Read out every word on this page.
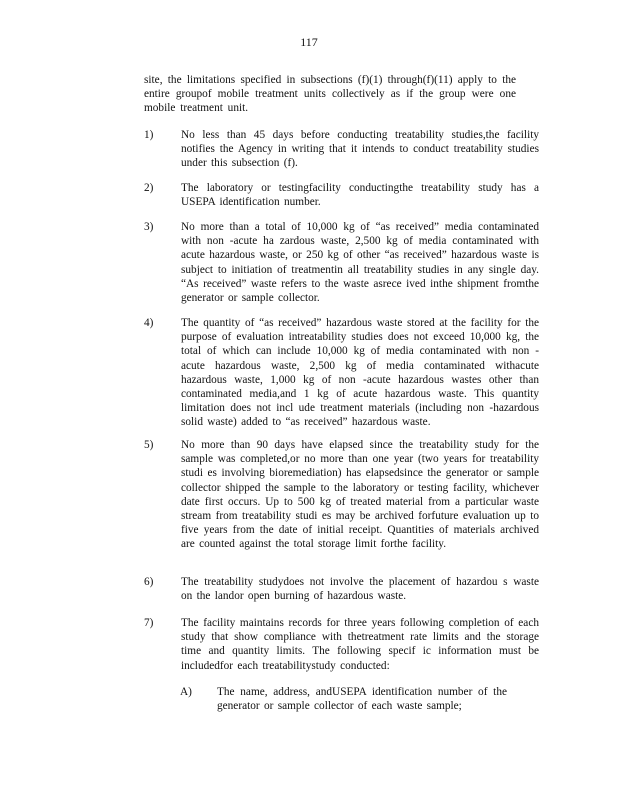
117
site, the limitations specified in subsections (f)(1) through(f)(11) apply to the entire groupof mobile treatment units collectively as if the group were one mobile treatment unit.
1)	No less than 45 days before conducting treatability studies,the facility notifies the Agency in writing that it intends to conduct treatability studies under this subsection (f).
2)	The laboratory or testingfacility conductingthe treatability study has a USEPA identification number.
3)	No more than a total of 10,000 kg of “as received” media contaminated with non -acute ha zardous waste, 2,500 kg of media contaminated with acute hazardous waste, or 250 kg of other “as received” hazardous waste is subject to initiation of treatmentin all treatability studies in any single day. “As received” waste refers to the waste asrece ived inthe shipment fromthe generator or sample collector.
4)	The quantity of “as received” hazardous waste stored at the facility for the purpose of evaluation intreatability studies does not exceed 10,000 kg, the total of which can include 10,000 kg of media contaminated with non -acute hazardous waste, 2,500 kg of media contaminated withacute hazardous waste, 1,000 kg of non -acute hazardous wastes other than contaminated media,and 1 kg of acute hazardous waste. This quantity limitation does not incl ude treatment materials (including non -hazardous solid waste) added to “as received” hazardous waste.
5)	No more than 90 days have elapsed since the treatability study for the sample was completed,or no more than one year (two years for treatability studi es involving bioremediation) has elapsedsince the generator or sample collector shipped the sample to the laboratory or testing facility, whichever date first occurs. Up to 500 kg of treated material from a particular waste stream from treatability studi es may be archived forfuture evaluation up to five years from the date of initial receipt. Quantities of materials archived are counted against the total storage limit forthe facility.
6)	The treatability studydoes not involve the placement of hazardou s waste on the landor open burning of hazardous waste.
7)	The facility maintains records for three years following completion of each study that show compliance with thetreatment rate limits and the storage time and quantity limits. The following specif ic information must be includedfor each treatabilitystudy conducted:
A)	The name, address, andUSEPA identification number of the generator or sample collector of each waste sample;
